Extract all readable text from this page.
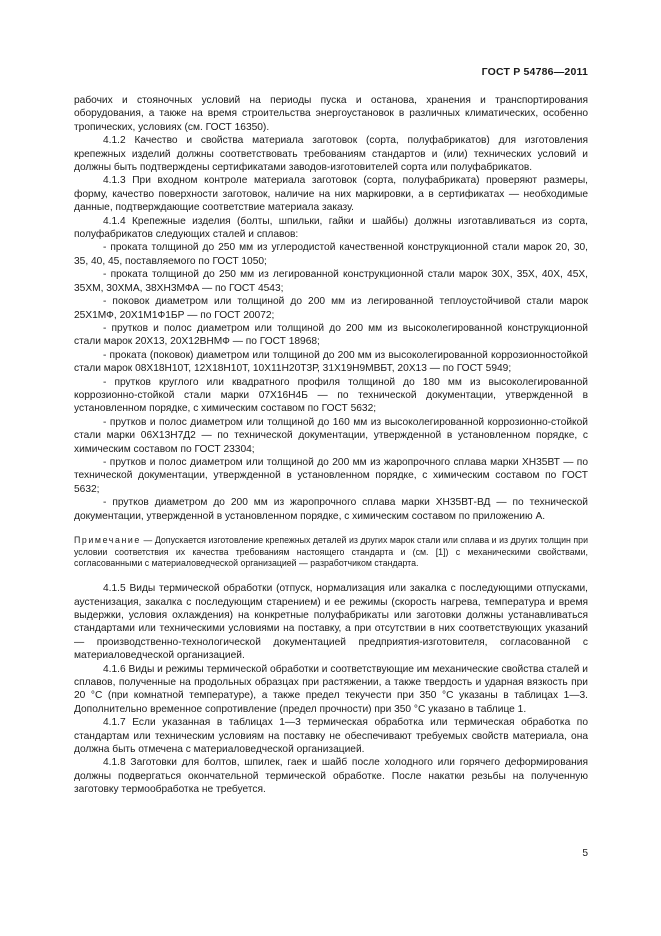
ГОСТ Р 54786—2011

рабочих и стояночных условий на периоды пуска и останова, хранения и транспортирования оборудования, а также на время строительства энергоустановок в различных климатических, особенно тропических, условиях (см. ГОСТ 16350).

4.1.2 Качество и свойства материала заготовок (сорта, полуфабрикатов) для изготовления крепежных изделий должны соответствовать требованиям стандартов и (или) технических условий и должны быть подтверждены сертификатами заводов-изготовителей сорта или полуфабрикатов.

4.1.3 При входном контроле материала заготовок (сорта, полуфабриката) проверяют размеры, форму, качество поверхности заготовок, наличие на них маркировки, а в сертификатах — необходимые данные, подтверждающие соответствие материала заказу.

4.1.4 Крепежные изделия (болты, шпильки, гайки и шайбы) должны изготавливаться из сорта, полуфабрикатов следующих сталей и сплавов:

- проката толщиной до 250 мм из углеродистой качественной конструкционной стали марок 20, 30, 35, 40, 45, поставляемого по ГОСТ 1050;

- проката толщиной до 250 мм из легированной конструкционной стали марок 30Х, 35Х, 40Х, 45Х, 35ХМ, 30ХМА, 38ХН3МФА — по ГОСТ 4543;

- поковок диаметром или толщиной до 200 мм из легированной теплоустойчивой стали марок 25Х1МФ, 20Х1М1Ф1БР — по ГОСТ 20072;

- прутков и полос диаметром или толщиной до 200 мм из высоколегированной конструкционной стали марок 20Х13, 20Х12ВНМФ — по ГОСТ 18968;

- проката (поковок) диаметром или толщиной до 200 мм из высоколегированной коррозионностойкой стали марок 08Х18Н10Т, 12Х18Н10Т, 10Х11Н20Т3Р, 31Х19Н9МВБТ, 20Х13 — по ГОСТ 5949;

- прутков круглого или квадратного профиля толщиной до 180 мм из высоколегированной коррозионно-стойкой стали марки 07Х16Н4Б — по технической документации, утвержденной в установленном порядке, с химическим составом по ГОСТ 5632;

- прутков и полос диаметром или толщиной до 160 мм из высоколегированной коррозионно-стойкой стали марки 06Х13Н7Д2 — по технической документации, утвержденной в установленном порядке, с химическим составом по ГОСТ 23304;

- прутков и полос диаметром или толщиной до 200 мм из жаропрочного сплава марки ХН35ВТ — по технической документации, утвержденной в установленном порядке, с химическим составом по ГОСТ 5632;

- прутков диаметром до 200 мм из жаропрочного сплава марки ХН35ВТ-ВД — по технической документации, утвержденной в установленном порядке, с химическим составом по приложению А.

Примечание — Допускается изготовление крепежных деталей из других марок стали или сплава и из других толщин при условии соответствия их качества требованиям настоящего стандарта и (см. [1]) с механическими свойствами, согласованными с материаловедческой организацией — разработчиком стандарта.

4.1.5 Виды термической обработки (отпуск, нормализация или закалка с последующими отпусками, аустенизация, закалка с последующим старением) и ее режимы (скорость нагрева, температура и время выдержки, условия охлаждения) на конкретные полуфабрикаты или заготовки должны устанавливаться стандартами или техническими условиями на поставку, а при отсутствии в них соответствующих указаний — производственно-технологической документацией предприятия-изготовителя, согласованной с материаловедческой организацией.

4.1.6 Виды и режимы термической обработки и соответствующие им механические свойства сталей и сплавов, полученные на продольных образцах при растяжении, а также твердость и ударная вязкость при 20 °С (при комнатной температуре), а также предел текучести при 350 °С указаны в таблицах 1—3. Дополнительно временное сопротивление (предел прочности) при 350 °С указано в таблице 1.

4.1.7 Если указанная в таблицах 1—3 термическая обработка или термическая обработка по стандартам или техническим условиям на поставку не обеспечивают требуемых свойств материала, она должна быть отмечена с материаловедческой организацией.

4.1.8 Заготовки для болтов, шпилек, гаек и шайб после холодного или горячего деформирования должны подвергаться окончательной термической обработке. После накатки резьбы на полученную заготовку термообработка не требуется.

5
